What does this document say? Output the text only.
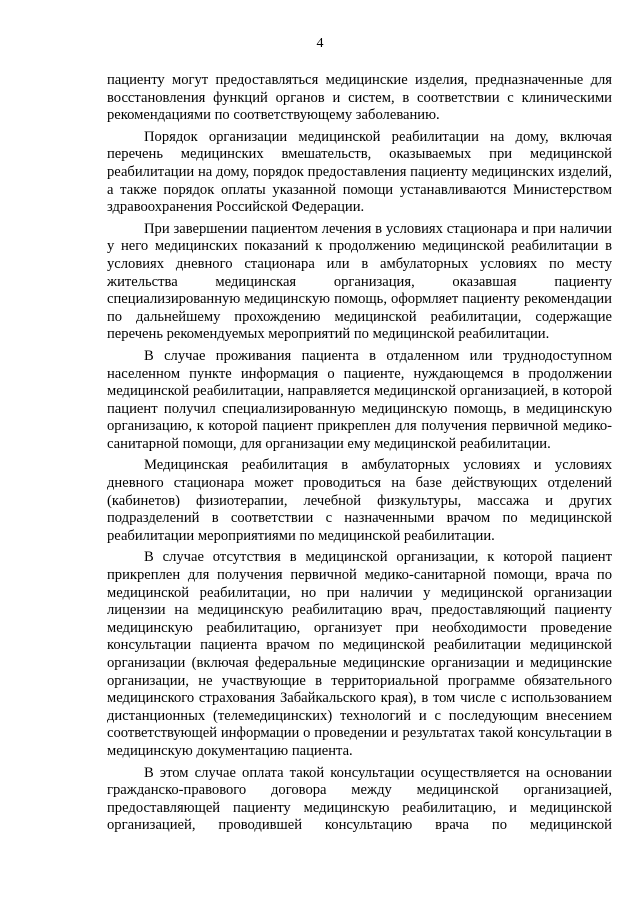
4

пациенту могут предоставляться медицинские изделия, предназначенные для восстановления функций органов и систем, в соответствии с клиническими рекомендациями по соответствующему заболеванию.

Порядок организации медицинской реабилитации на дому, включая перечень медицинских вмешательств, оказываемых при медицинской реабилитации на дому, порядок предоставления пациенту медицинских изделий, а также порядок оплаты указанной помощи устанавливаются Министерством здравоохранения Российской Федерации.

При завершении пациентом лечения в условиях стационара и при наличии у него медицинских показаний к продолжению медицинской реабилитации в условиях дневного стационара или в амбулаторных условиях по месту жительства медицинская организация, оказавшая пациенту специализированную медицинскую помощь, оформляет пациенту рекомендации по дальнейшему прохождению медицинской реабилитации, содержащие перечень рекомендуемых мероприятий по медицинской реабилитации.

В случае проживания пациента в отдаленном или труднодоступном населенном пункте информация о пациенте, нуждающемся в продолжении медицинской реабилитации, направляется медицинской организацией, в которой пациент получил специализированную медицинскую помощь, в медицинскую организацию, к которой пациент прикреплен для получения первичной медико-санитарной помощи, для организации ему медицинской реабилитации.

Медицинская реабилитация в амбулаторных условиях и условиях дневного стационара может проводиться на базе действующих отделений (кабинетов) физиотерапии, лечебной физкультуры, массажа и других подразделений в соответствии с назначенными врачом по медицинской реабилитации мероприятиями по медицинской реабилитации.

В случае отсутствия в медицинской организации, к которой пациент прикреплен для получения первичной медико-санитарной помощи, врача по медицинской реабилитации, но при наличии у медицинской организации лицензии на медицинскую реабилитацию врач, предоставляющий пациенту медицинскую реабилитацию, организует при необходимости проведение консультации пациента врачом по медицинской реабилитации медицинской организации (включая федеральные медицинские организации и медицинские организации, не участвующие в территориальной программе обязательного медицинского страхования Забайкальского края), в том числе с использованием дистанционных (телемедицинских) технологий и с последующим внесением соответствующей информации о проведении и результатах такой консультации в медицинскую документацию пациента.

В этом случае оплата такой консультации осуществляется на основании гражданско-правового договора между медицинской организацией, предоставляющей пациенту медицинскую реабилитацию, и медицинской организацией, проводившей консультацию врача по медицинской
